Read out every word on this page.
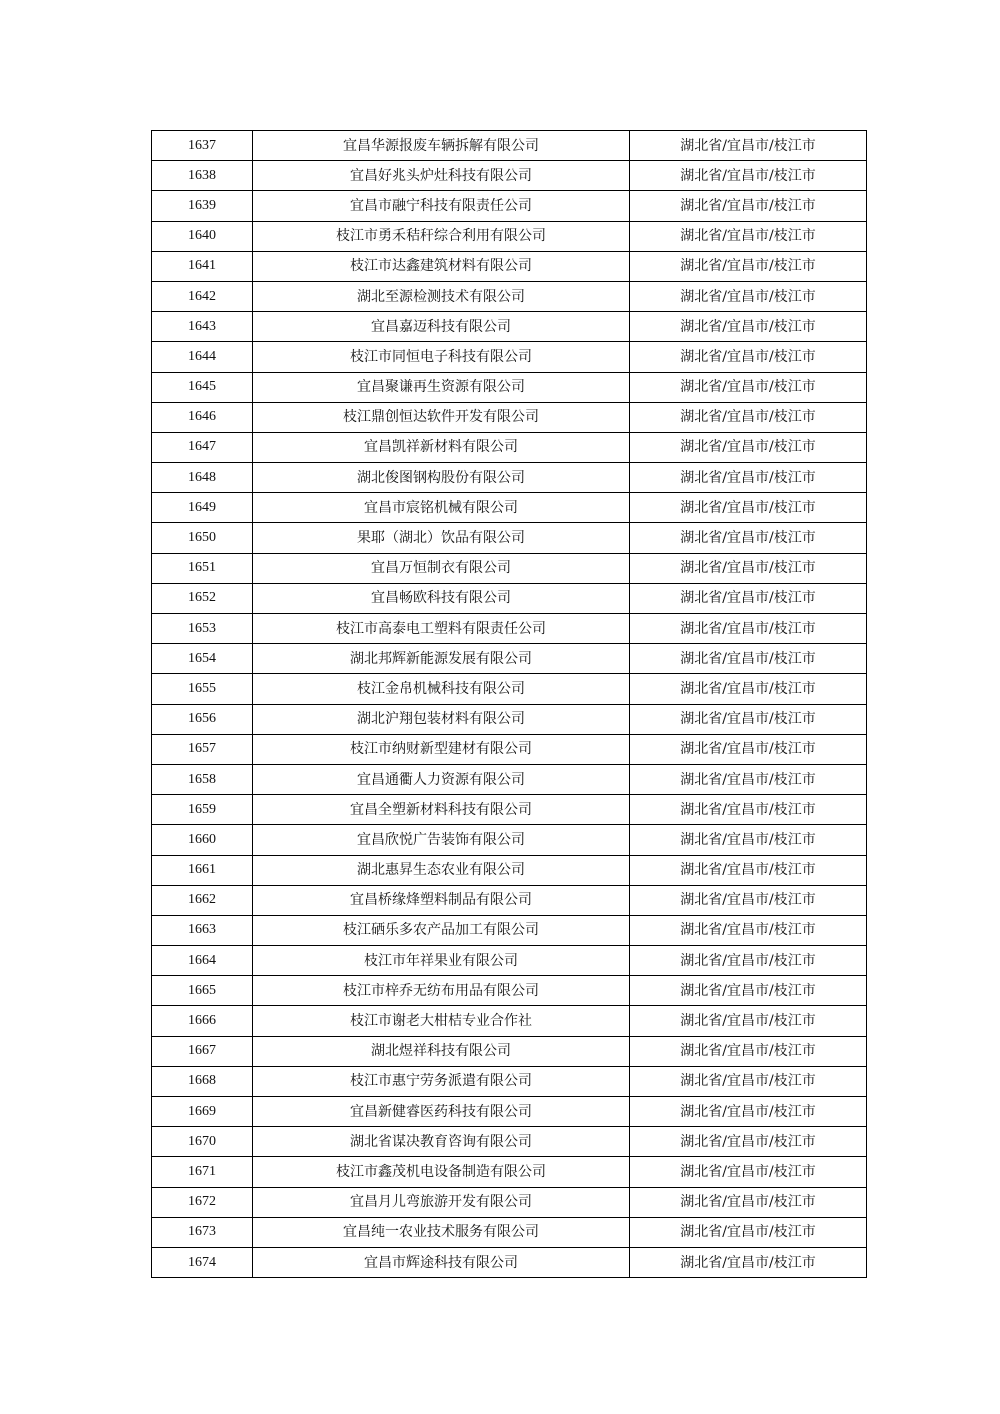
1637	宜昌华源报废车辆拆解有限公司	湖北省/宜昌市/枝江市
1638	宜昌好兆头炉灶科技有限公司	湖北省/宜昌市/枝江市
1639	宜昌市融宁科技有限责任公司	湖北省/宜昌市/枝江市
1640	枝江市勇禾秸秆综合利用有限公司	湖北省/宜昌市/枝江市
1641	枝江市达鑫建筑材料有限公司	湖北省/宜昌市/枝江市
1642	湖北至源检测技术有限公司	湖北省/宜昌市/枝江市
1643	宜昌嘉迈科技有限公司	湖北省/宜昌市/枝江市
1644	枝江市同恒电子科技有限公司	湖北省/宜昌市/枝江市
1645	宜昌聚谦再生资源有限公司	湖北省/宜昌市/枝江市
1646	枝江鼎创恒达软件开发有限公司	湖北省/宜昌市/枝江市
1647	宜昌凯祥新材料有限公司	湖北省/宜昌市/枝江市
1648	湖北俊图钢构股份有限公司	湖北省/宜昌市/枝江市
1649	宜昌市宸铭机械有限公司	湖北省/宜昌市/枝江市
1650	果耶（湖北）饮品有限公司	湖北省/宜昌市/枝江市
1651	宜昌万恒制衣有限公司	湖北省/宜昌市/枝江市
1652	宜昌畅欧科技有限公司	湖北省/宜昌市/枝江市
1653	枝江市高泰电工塑料有限责任公司	湖北省/宜昌市/枝江市
1654	湖北邦辉新能源发展有限公司	湖北省/宜昌市/枝江市
1655	枝江金帛机械科技有限公司	湖北省/宜昌市/枝江市
1656	湖北沪翔包装材料有限公司	湖北省/宜昌市/枝江市
1657	枝江市纳财新型建材有限公司	湖北省/宜昌市/枝江市
1658	宜昌通衢人力资源有限公司	湖北省/宜昌市/枝江市
1659	宜昌全塑新材料科技有限公司	湖北省/宜昌市/枝江市
1660	宜昌欣悦广告装饰有限公司	湖北省/宜昌市/枝江市
1661	湖北惠昇生态农业有限公司	湖北省/宜昌市/枝江市
1662	宜昌桥缘烽塑料制品有限公司	湖北省/宜昌市/枝江市
1663	枝江硒乐多农产品加工有限公司	湖北省/宜昌市/枝江市
1664	枝江市年祥果业有限公司	湖北省/宜昌市/枝江市
1665	枝江市梓乔无纺布用品有限公司	湖北省/宜昌市/枝江市
1666	枝江市谢老大柑桔专业合作社	湖北省/宜昌市/枝江市
1667	湖北煜祥科技有限公司	湖北省/宜昌市/枝江市
1668	枝江市惠宁劳务派遣有限公司	湖北省/宜昌市/枝江市
1669	宜昌新健睿医药科技有限公司	湖北省/宜昌市/枝江市
1670	湖北省谋决教育咨询有限公司	湖北省/宜昌市/枝江市
1671	枝江市鑫茂机电设备制造有限公司	湖北省/宜昌市/枝江市
1672	宜昌月儿弯旅游开发有限公司	湖北省/宜昌市/枝江市
1673	宜昌纯一农业技术服务有限公司	湖北省/宜昌市/枝江市
1674	宜昌市辉途科技有限公司	湖北省/宜昌市/枝江市
